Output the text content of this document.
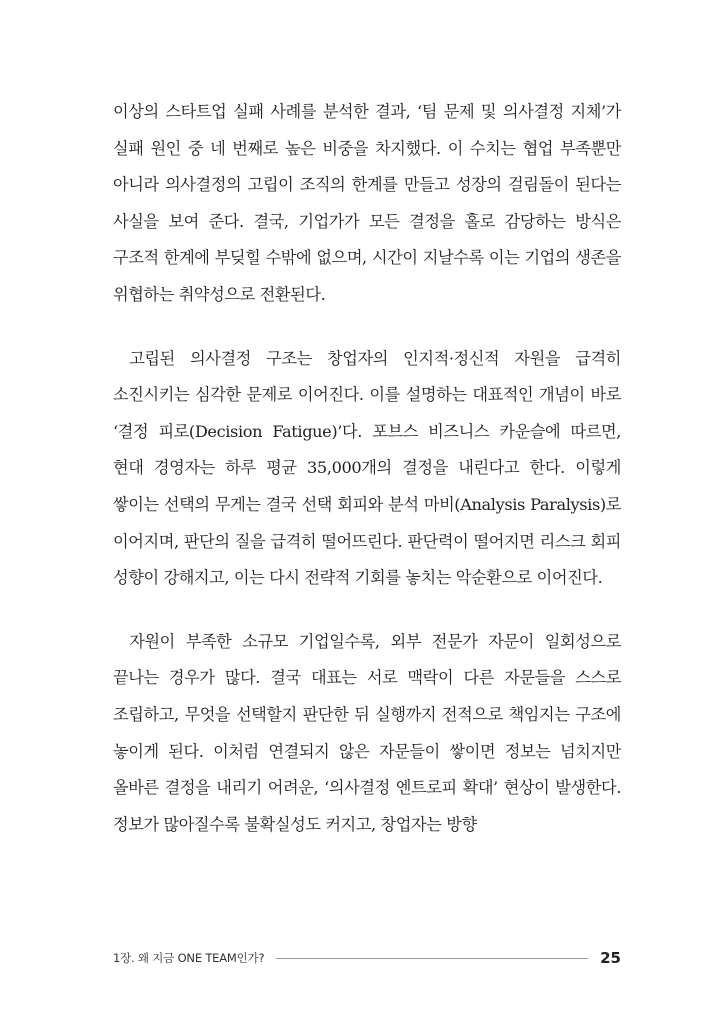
이상의 스타트업 실패 사례를 분석한 결과, ‘팀 문제 및 의사결정 지체’가 실패 원인 중 네 번째로 높은 비중을 차지했다. 이 수치는 협업 부족뿐만 아니라 의사결정의 고립이 조직의 한계를 만들고 성장의 걸림돌이 된다는 사실을 보여 준다. 결국, 기업가가 모든 결정을 홀로 감당하는 방식은 구조적 한계에 부딪힐 수밖에 없으며, 시간이 지날수록 이는 기업의 생존을 위협하는 취약성으로 전환된다.

고립된 의사결정 구조는 창업자의 인지적·정신적 자원을 급격히 소진시키는 심각한 문제로 이어진다. 이를 설명하는 대표적인 개념이 바로 ‘결정 피로(Decision Fatigue)’다. 포브스 비즈니스 카운슬에 따르면, 현대 경영자는 하루 평균 35,000개의 결정을 내린다고 한다. 이렇게 쌓이는 선택의 무게는 결국 선택 회피와 분석 마비(Analysis Paralysis)로 이어지며, 판단의 질을 급격히 떨어뜨린다. 판단력이 떨어지면 리스크 회피 성향이 강해지고, 이는 다시 전략적 기회를 놓치는 악순환으로 이어진다.

자원이 부족한 소규모 기업일수록, 외부 전문가 자문이 일회성으로 끝나는 경우가 많다. 결국 대표는 서로 맥락이 다른 자문들을 스스로 조립하고, 무엇을 선택할지 판단한 뒤 실행까지 전적으로 책임지는 구조에 놓이게 된다. 이처럼 연결되지 않은 자문들이 쌓이면 정보는 넘치지만 올바른 결정을 내리기 어려운, ‘의사결정 엔트로피 확대’ 현상이 발생한다. 정보가 많아질수록 불확실성도 커지고, 창업자는 방향

1장. 왜 지금 ONE TEAM인가?	25
